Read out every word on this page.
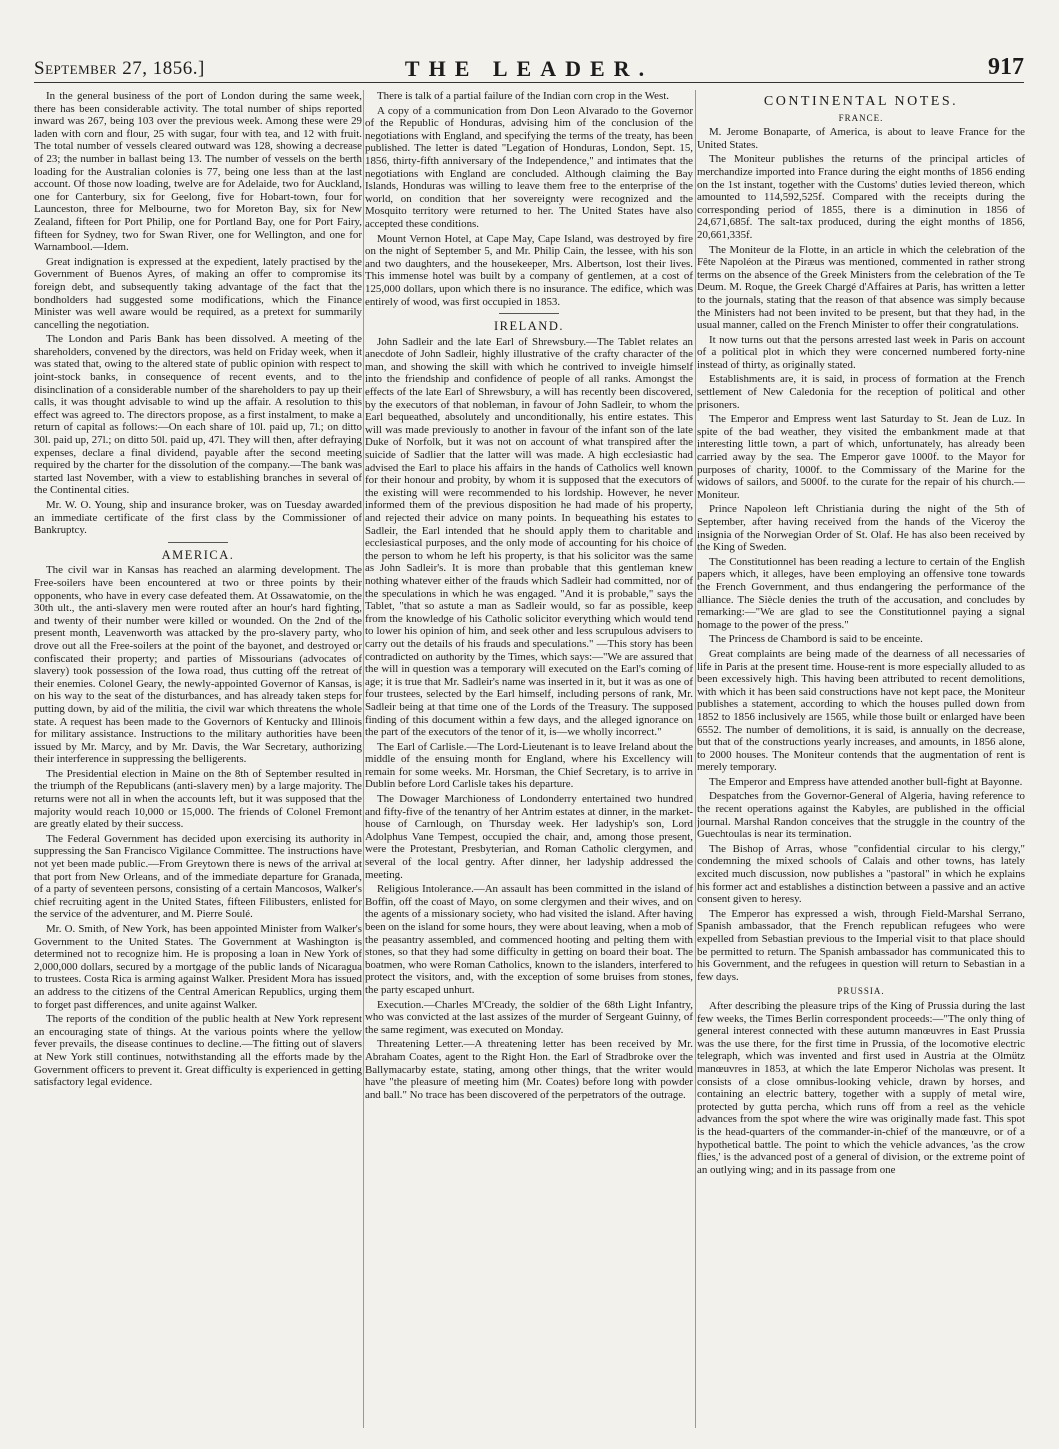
September 27, 1856.]	THE LEADER.	917

In the general business of the port of London during the same week, there has been considerable activity. The total number of ships reported inward was 267, being 103 over the previous week. Among these were 29 laden with corn and flour, 25 with sugar, four with tea, and 12 with fruit. The total number of vessels cleared outward was 128, showing a decrease of 23; the number in ballast being 13. The number of vessels on the berth loading for the Australian colonies is 77, being one less than at the last account. Of those now loading, twelve are for Adelaide, two for Auckland, one for Canterbury, six for Geelong, five for Hobart-town, four for Launceston, three for Melbourne, two for Moreton Bay, six for New Zealand, fifteen for Port Philip, one for Portland Bay, one for Port Fairy, fifteen for Sydney, two for Swan River, one for Wellington, and one for Warnambool.—Idem.

Great indignation is expressed at the expedient, lately practised by the Government of Buenos Ayres, of making an offer to compromise its foreign debt, and subsequently taking advantage of the fact that the bondholders had suggested some modifications, which the Finance Minister was well aware would be required, as a pretext for summarily cancelling the negotiation.

The London and Paris Bank has been dissolved. A meeting of the shareholders, convened by the directors, was held on Friday week, when it was stated that, owing to the altered state of public opinion with respect to joint-stock banks, in consequence of recent events, and to the disinclination of a considerable number of the shareholders to pay up their calls, it was thought advisable to wind up the affair. A resolution to this effect was agreed to. The directors propose, as a first instalment, to make a return of capital as follows:—On each share of 10l. paid up, 7l.; on ditto 30l. paid up, 27l.; on ditto 50l. paid up, 47l. They will then, after defraying expenses, declare a final dividend, payable after the second meeting required by the charter for the dissolution of the company.—The bank was started last November, with a view to establishing branches in several of the Continental cities.

Mr. W. O. Young, ship and insurance broker, was on Tuesday awarded an immediate certificate of the first class by the Commissioner of Bankruptcy.

AMERICA.

The civil war in Kansas has reached an alarming development. The Free-soilers have been encountered at two or three points by their opponents, who have in every case defeated them. At Ossawatomie, on the 30th ult., the anti-slavery men were routed after an hour's hard fighting, and twenty of their number were killed or wounded. On the 2nd of the present month, Leavenworth was attacked by the pro-slavery party, who drove out all the Free-soilers at the point of the bayonet, and destroyed or confiscated their property; and parties of Missourians (advocates of slavery) took possession of the Iowa road, thus cutting off the retreat of their enemies. Colonel Geary, the newly-appointed Governor of Kansas, is on his way to the seat of the disturbances, and has already taken steps for putting down, by aid of the militia, the civil war which threatens the whole state. A request has been made to the Governors of Kentucky and Illinois for military assistance. Instructions to the military authorities have been issued by Mr. Marcy, and by Mr. Davis, the War Secretary, authorizing their interference in suppressing the belligerents.

The Presidential election in Maine on the 8th of September resulted in the triumph of the Republicans (anti-slavery men) by a large majority. The returns were not all in when the accounts left, but it was supposed that the majority would reach 10,000 or 15,000. The friends of Colonel Fremont are greatly elated by their success.

The Federal Government has decided upon exercising its authority in suppressing the San Francisco Vigilance Committee. The instructions have not yet been made public.—From Greytown there is news of the arrival at that port from New Orleans, and of the immediate departure for Granada, of a party of seventeen persons, consisting of a certain Mancosos, Walker's chief recruiting agent in the United States, fifteen Filibusters, enlisted for the service of the adventurer, and M. Pierre Soulé.

Mr. O. Smith, of New York, has been appointed Minister from Walker's Government to the United States. The Government at Washington is determined not to recognize him. He is proposing a loan in New York of 2,000,000 dollars, secured by a mortgage of the public lands of Nicaragua to trustees. Costa Rica is arming against Walker. President Mora has issued an address to the citizens of the Central American Republics, urging them to forget past differences, and unite against Walker.

The reports of the condition of the public health at New York represent an encouraging state of things. At the various points where the yellow fever prevails, the disease continues to decline.—The fitting out of slavers at New York still continues, notwithstanding all the efforts made by the Government officers to prevent it. Great difficulty is experienced in getting satisfactory legal evidence.

There is talk of a partial failure of the Indian corn crop in the West.

A copy of a communication from Don Leon Alvarado to the Governor of the Republic of Honduras, advising him of the conclusion of the negotiations with England, and specifying the terms of the treaty, has been published. The letter is dated "Legation of Honduras, London, Sept. 15, 1856, thirty-fifth anniversary of the Independence," and intimates that the negotiations with England are concluded. Although claiming the Bay Islands, Honduras was willing to leave them free to the enterprise of the world, on condition that her sovereignty were recognized and the Mosquito territory were returned to her. The United States have also accepted these conditions.

Mount Vernon Hotel, at Cape May, Cape Island, was destroyed by fire on the night of September 5, and Mr. Philip Cain, the lessee, with his son and two daughters, and the housekeeper, Mrs. Albertson, lost their lives. This immense hotel was built by a company of gentlemen, at a cost of 125,000 dollars, upon which there is no insurance. The edifice, which was entirely of wood, was first occupied in 1853.

IRELAND.

John Sadleir and the late Earl of Shrewsbury.—The Tablet relates an anecdote of John Sadleir, highly illustrative of the crafty character of the man, and showing the skill with which he contrived to inveigle himself into the friendship and confidence of people of all ranks. Amongst the effects of the late Earl of Shrewsbury, a will has recently been discovered, by the executors of that nobleman, in favour of John Sadleir, to whom the Earl bequeathed, absolutely and unconditionally, his entire estates. This will was made previously to another in favour of the infant son of the late Duke of Norfolk, but it was not on account of what transpired after the suicide of Sadlier that the latter will was made. A high ecclesiastic had advised the Earl to place his affairs in the hands of Catholics well known for their honour and probity, by whom it is supposed that the executors of the existing will were recommended to his lordship. However, he never informed them of the previous disposition he had made of his property, and rejected their advice on many points. In bequeathing his estates to Sadleir, the Earl intended that he should apply them to charitable and ecclesiastical purposes, and the only mode of accounting for his choice of the person to whom he left his property, is that his solicitor was the same as John Sadleir's. It is more than probable that this gentleman knew nothing whatever either of the frauds which Sadleir had committed, nor of the speculations in which he was engaged. "And it is probable," says the Tablet, "that so astute a man as Sadleir would, so far as possible, keep from the knowledge of his Catholic solicitor everything which would tend to lower his opinion of him, and seek other and less scrupulous advisers to carry out the details of his frauds and speculations." —This story has been contradicted on authority by the Times, which says:—"We are assured that the will in question was a temporary will executed on the Earl's coming of age; it is true that Mr. Sadleir's name was inserted in it, but it was as one of four trustees, selected by the Earl himself, including persons of rank, Mr. Sadleir being at that time one of the Lords of the Treasury. The supposed finding of this document within a few days, and the alleged ignorance on the part of the executors of the tenor of it, is—we wholly incorrect."

The Earl of Carlisle.—The Lord-Lieutenant is to leave Ireland about the middle of the ensuing month for England, where his Excellency will remain for some weeks. Mr. Horsman, the Chief Secretary, is to arrive in Dublin before Lord Carlisle takes his departure.

The Dowager Marchioness of Londonderry entertained two hundred and fifty-five of the tenantry of her Antrim estates at dinner, in the market-house of Carnlough, on Thursday week. Her ladyship's son, Lord Adolphus Vane Tempest, occupied the chair, and, among those present, were the Protestant, Presbyterian, and Roman Catholic clergymen, and several of the local gentry. After dinner, her ladyship addressed the meeting.

Religious Intolerance.—An assault has been committed in the island of Boffin, off the coast of Mayo, on some clergymen and their wives, and on the agents of a missionary society, who had visited the island. After having been on the island for some hours, they were about leaving, when a mob of the peasantry assembled, and commenced hooting and pelting them with stones, so that they had some difficulty in getting on board their boat. The boatmen, who were Roman Catholics, known to the islanders, interfered to protect the visitors, and, with the exception of some bruises from stones, the party escaped unhurt.

Execution.—Charles M'Cready, the soldier of the 68th Light Infantry, who was convicted at the last assizes of the murder of Sergeant Guinny, of the same regiment, was executed on Monday.

Threatening Letter.—A threatening letter has been received by Mr. Abraham Coates, agent to the Right Hon. the Earl of Stradbroke over the Ballymacarby estate, stating, among other things, that the writer would have "the pleasure of meeting him (Mr. Coates) before long with powder and ball." No trace has been discovered of the perpetrators of the outrage.

CONTINENTAL NOTES.
FRANCE.

M. Jerome Bonaparte, of America, is about to leave France for the United States.

The Moniteur publishes the returns of the principal articles of merchandize imported into France during the eight months of 1856 ending on the 1st instant, together with the Customs' duties levied thereon, which amounted to 114,592,525f. Compared with the receipts during the corresponding period of 1855, there is a diminution in 1856 of 24,671,685f. The salt-tax produced, during the eight months of 1856, 20,661,335f.

The Moniteur de la Flotte, in an article in which the celebration of the Fête Napoléon at the Piræus was mentioned, commented in rather strong terms on the absence of the Greek Ministers from the celebration of the Te Deum. M. Roque, the Greek Chargé d'Affaires at Paris, has written a letter to the journals, stating that the reason of that absence was simply because the Ministers had not been invited to be present, but that they had, in the usual manner, called on the French Minister to offer their congratulations.

It now turns out that the persons arrested last week in Paris on account of a political plot in which they were concerned numbered forty-nine instead of thirty, as originally stated.

Establishments are, it is said, in process of formation at the French settlement of New Caledonia for the reception of political and other prisoners.

The Emperor and Empress went last Saturday to St. Jean de Luz. In spite of the bad weather, they visited the embankment made at that interesting little town, a part of which, unfortunately, has already been carried away by the sea. The Emperor gave 1000f. to the Mayor for purposes of charity, 1000f. to the Commissary of the Marine for the widows of sailors, and 5000f. to the curate for the repair of his church.—Moniteur.

Prince Napoleon left Christiania during the night of the 5th of September, after having received from the hands of the Viceroy the insignia of the Norwegian Order of St. Olaf. He has also been received by the King of Sweden.

The Constitutionnel has been reading a lecture to certain of the English papers which, it alleges, have been employing an offensive tone towards the French Government, and thus endangering the performance of the alliance. The Siècle denies the truth of the accusation, and concludes by remarking:—"We are glad to see the Constitutionnel paying a signal homage to the power of the press."

The Princess de Chambord is said to be enceinte.

Great complaints are being made of the dearness of all necessaries of life in Paris at the present time. House-rent is more especially alluded to as been excessively high. This having been attributed to recent demolitions, with which it has been said constructions have not kept pace, the Moniteur publishes a statement, according to which the houses pulled down from 1852 to 1856 inclusively are 1565, while those built or enlarged have been 6552. The number of demolitions, it is said, is annually on the decrease, but that of the constructions yearly increases, and amounts, in 1856 alone, to 2000 houses. The Moniteur contends that the augmentation of rent is merely temporary.

The Emperor and Empress have attended another bull-fight at Bayonne.

Despatches from the Governor-General of Algeria, having reference to the recent operations against the Kabyles, are published in the official journal. Marshal Randon conceives that the struggle in the country of the Guechtoulas is near its termination.

The Bishop of Arras, whose "confidential circular to his clergy," condemning the mixed schools of Calais and other towns, has lately excited much discussion, now publishes a "pastoral" in which he explains his former act and establishes a distinction between a passive and an active consent given to heresy.

The Emperor has expressed a wish, through Field-Marshal Serrano, Spanish ambassador, that the French republican refugees who were expelled from Sebastian previous to the Imperial visit to that place should be permitted to return. The Spanish ambassador has communicated this to his Government, and the refugees in question will return to Sebastian in a few days.

PRUSSIA.

After describing the pleasure trips of the King of Prussia during the last few weeks, the Times Berlin correspondent proceeds:—"The only thing of general interest connected with these autumn manœuvres in East Prussia was the use there, for the first time in Prussia, of the locomotive electric telegraph, which was invented and first used in Austria at the Olmütz manœuvres in 1853, at which the late Emperor Nicholas was present. It consists of a close omnibus-looking vehicle, drawn by horses, and containing an electric battery, together with a supply of metal wire, protected by gutta percha, which runs off from a reel as the vehicle advances from the spot where the wire was originally made fast. This spot is the head-quarters of the commander-in-chief of the manœuvre, or of a hypothetical battle. The point to which the vehicle advances, 'as the crow flies,' is the advanced post of a general of division, or the extreme point of an outlying wing; and in its passage from one
